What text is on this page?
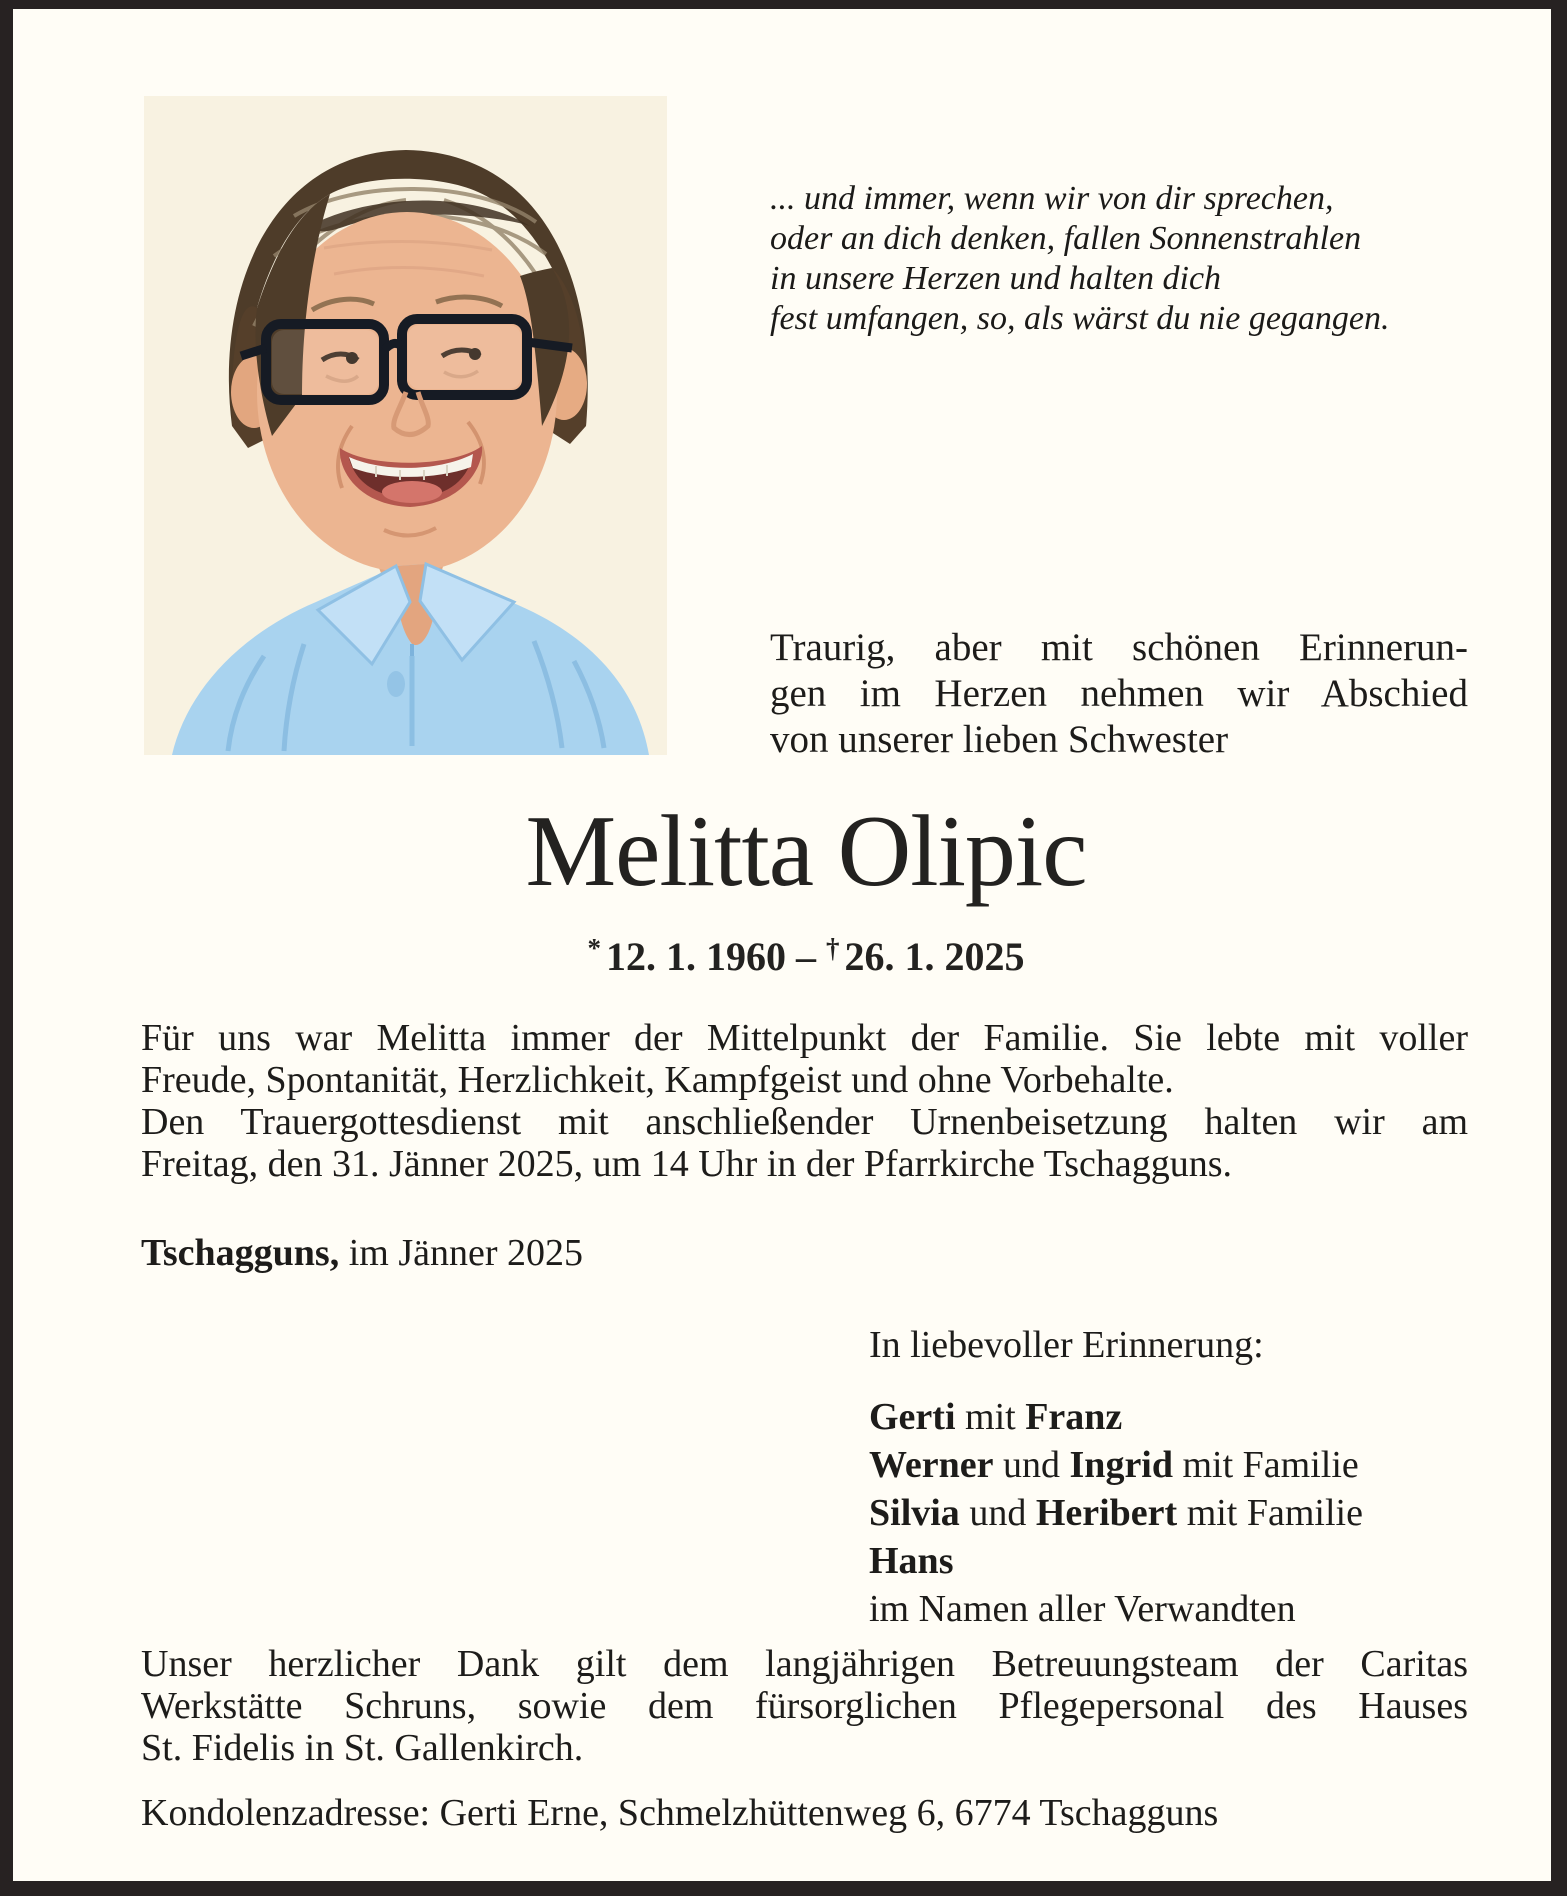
... und immer, wenn wir von dir sprechen,
oder an dich denken, fallen Sonnenstrahlen
in unsere Herzen und halten dich
fest umfangen, so, als wärst du nie gegangen.
Traurig, aber mit schönen Erinnerun-
gen im Herzen nehmen wir Abschied
von unserer lieben Schwester
Melitta Olipic
* 12. 1. 1960 – † 26. 1. 2025
Für uns war Melitta immer der Mittelpunkt der Familie. Sie lebte mit voller
Freude, Spontanität, Herzlichkeit, Kampfgeist und ohne Vorbehalte.
Den Trauergottesdienst mit anschließender Urnenbeisetzung halten wir am
Freitag, den 31. Jänner 2025, um 14 Uhr in der Pfarrkirche Tschagguns.
Tschagguns, im Jänner 2025
In liebevoller Erinnerung:
Gerti mit Franz
Werner und Ingrid mit Familie
Silvia und Heribert mit Familie
Hans
im Namen aller Verwandten
Unser herzlicher Dank gilt dem langjährigen Betreuungsteam der Caritas
Werkstätte Schruns, sowie dem fürsorglichen Pflegepersonal des Hauses
St. Fidelis in St. Gallenkirch.
Kondolenzadresse: Gerti Erne, Schmelzhüttenweg 6, 6774 Tschagguns
